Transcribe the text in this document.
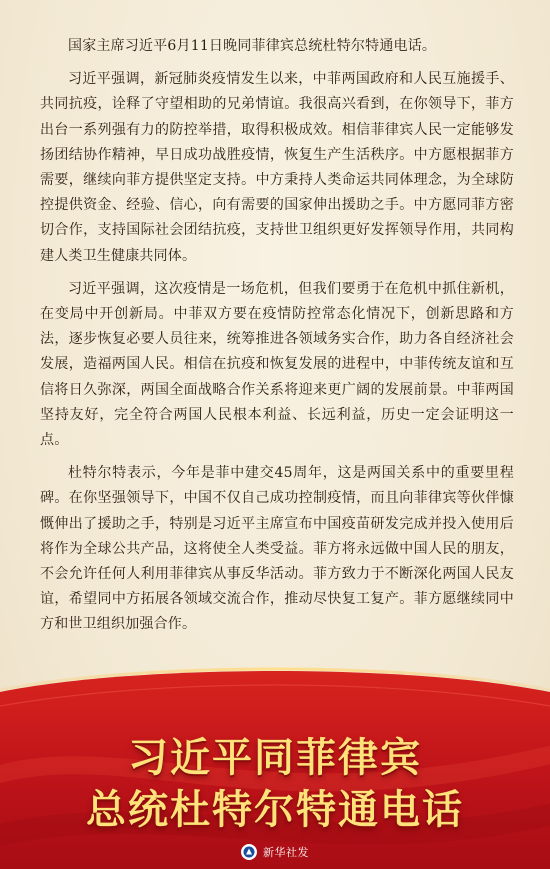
国家主席习近平6月11日晚同菲律宾总统杜特尔特通电话。

习近平强调，新冠肺炎疫情发生以来，中菲两国政府和人民互施援手、共同抗疫，诠释了守望相助的兄弟情谊。我很高兴看到，在你领导下，菲方出台一系列强有力的防控举措，取得积极成效。相信菲律宾人民一定能够发扬团结协作精神，早日成功战胜疫情，恢复生产生活秩序。中方愿根据菲方需要，继续向菲方提供坚定支持。中方秉持人类命运共同体理念，为全球防控提供资金、经验、信心，向有需要的国家伸出援助之手。中方愿同菲方密切合作，支持国际社会团结抗疫，支持世卫组织更好发挥领导作用，共同构建人类卫生健康共同体。

习近平强调，这次疫情是一场危机，但我们要勇于在危机中抓住新机，在变局中开创新局。中菲双方要在疫情防控常态化情况下，创新思路和方法，逐步恢复必要人员往来，统筹推进各领域务实合作，助力各自经济社会发展，造福两国人民。相信在抗疫和恢复发展的进程中，中菲传统友谊和互信将日久弥深，两国全面战略合作关系将迎来更广阔的发展前景。中菲两国坚持友好，完全符合两国人民根本利益、长远利益，历史一定会证明这一点。

杜特尔特表示，今年是菲中建交45周年，这是两国关系中的重要里程碑。在你坚强领导下，中国不仅自己成功控制疫情，而且向菲律宾等伙伴慷慨伸出了援助之手，特别是习近平主席宣布中国疫苗研发完成并投入使用后将作为全球公共产品，这将使全人类受益。菲方将永远做中国人民的朋友，不会允许任何人利用菲律宾从事反华活动。菲方致力于不断深化两国人民友谊，希望同中方拓展各领域交流合作，推动尽快复工复产。菲方愿继续同中方和世卫组织加强合作。

习近平同菲律宾
总统杜特尔特通电话
新华社发
